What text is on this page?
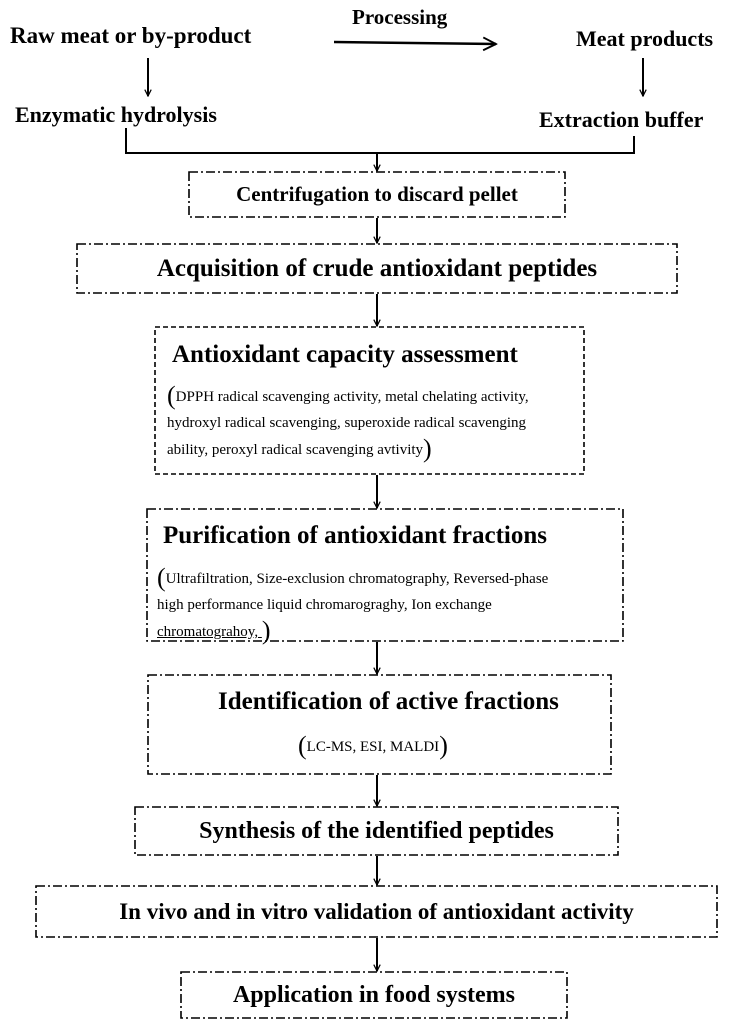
Raw meat or by-product
Processing
Meat products
Enzymatic hydrolysis	Extraction buffer
Centrifugation to discard pellet
Acquisition of crude antioxidant peptides
Antioxidant capacity assessment
(DPPH radical scavenging activity, metal chelating activity,
hydroxyl radical scavenging, superoxide radical scavenging
ability, peroxyl radical scavenging avtivity)
Purification of antioxidant fractions
(Ultrafiltration, Size-exclusion chromatography, Reversed-phase
high performance liquid chromarograghy, Ion exchange
chromatograhoy, )
Identification of active fractions
(LC-MS, ESI, MALDI)
Synthesis of the identified peptides
In vivo and in vitro validation of antioxidant activity
Application in food systems
